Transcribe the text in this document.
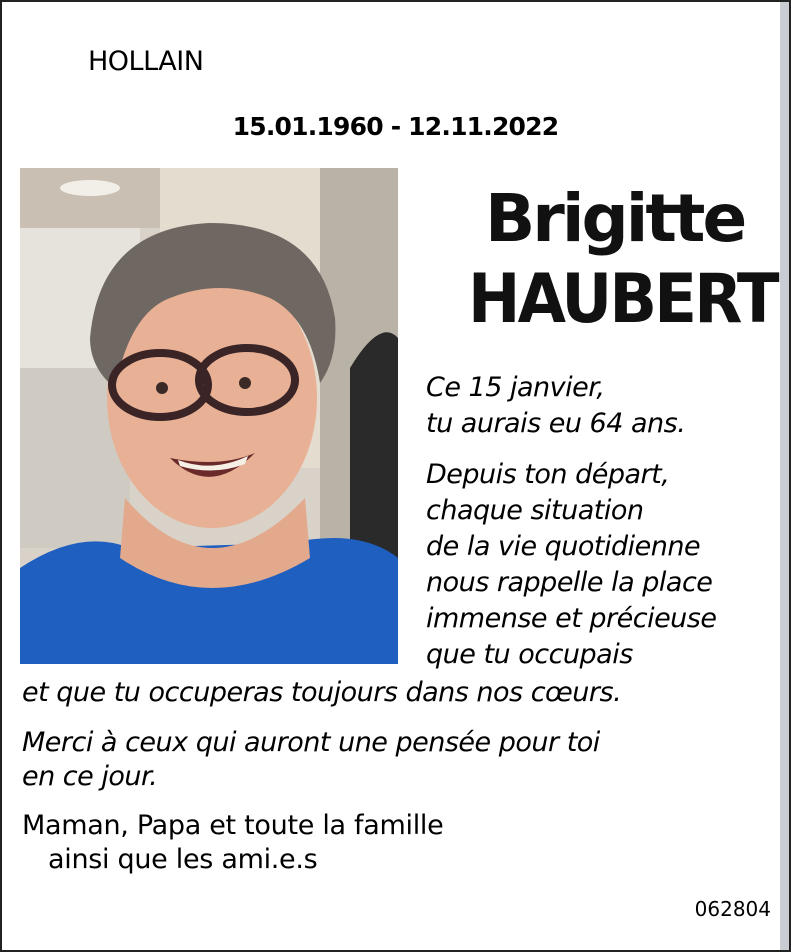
HOLLAIN
15.01.1960 - 12.11.2022
Brigitte
HAUBERT
Ce 15 janvier,
tu aurais eu 64 ans.
Depuis ton départ,
chaque situation
de la vie quotidienne
nous rappelle la place
immense et précieuse
que tu occupais
et que tu occuperas toujours dans nos cœurs.
Merci à ceux qui auront une pensée pour toi
en ce jour.
Maman, Papa et toute la famille
ainsi que les ami.e.s
062804
